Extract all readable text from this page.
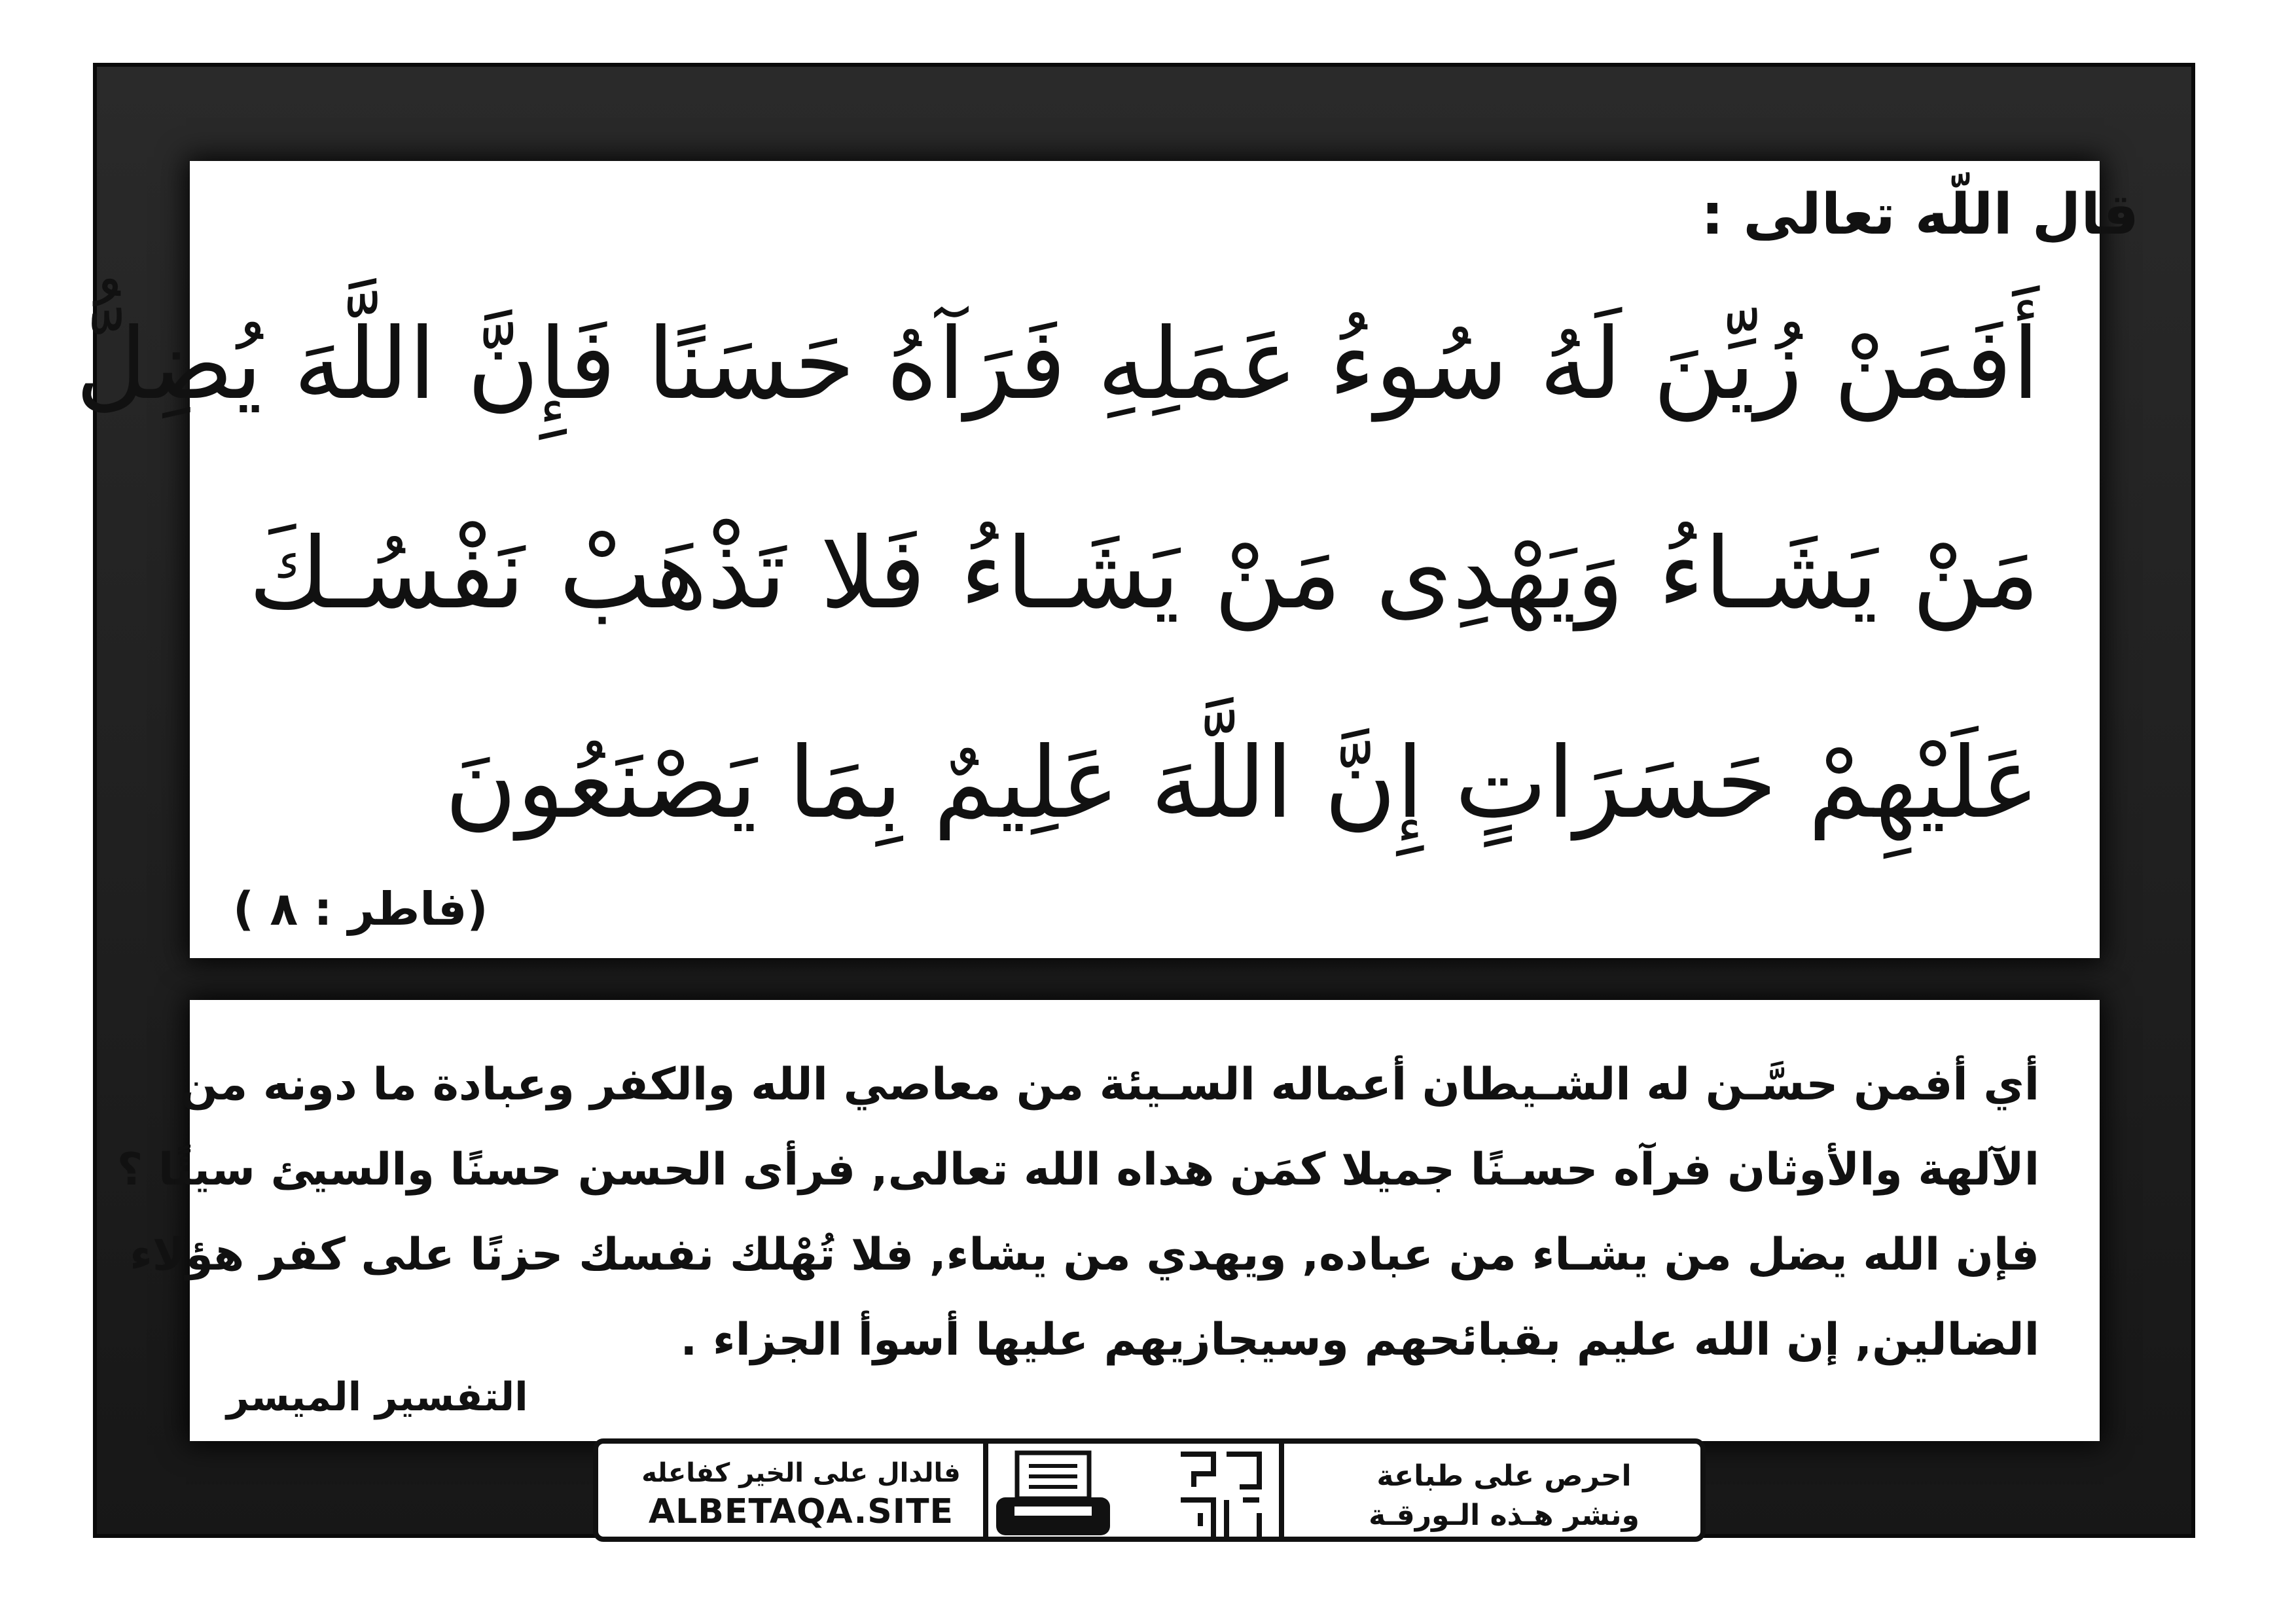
قال اللّه تعالى :
أَفَمَنْ زُيِّنَ لَهُ سُوءُ عَمَلِهِ فَرَآهُ حَسَنًا فَإِنَّ اللَّهَ يُضِلُّ
مَنْ يَشَـاءُ وَيَهْدِى مَنْ يَشَـاءُ فَلا تَذْهَبْ نَفْسُـكَ
عَلَيْهِمْ حَسَرَاتٍ إِنَّ اللَّهَ عَلِيمٌ بِمَا يَصْنَعُونَ
(فاطر : ٨ )
أي أفمن حسَّـن له الشـيطان أعماله السـيئة من معاصي الله والكفر وعبادة ما دونه من
الآلهة والأوثان فرآه حسـنًا جميلا كمَن هداه الله تعالى, فرأى الحسن حسنًا والسيئ سيئًا ؟
فإن الله يضل من يشـاء من عباده, ويهدي من يشاء, فلا تُهْلك نفسك حزنًا على كفر هؤلاء
الضالين, إن الله عليم بقبائحهم وسيجازيهم عليها أسوأ الجزاء .
التفسير الميسر
فالدال على الخير كفاعله
ALBETAQA.SITE
احرص على طباعة
ونشر هـذه الـورقـة
